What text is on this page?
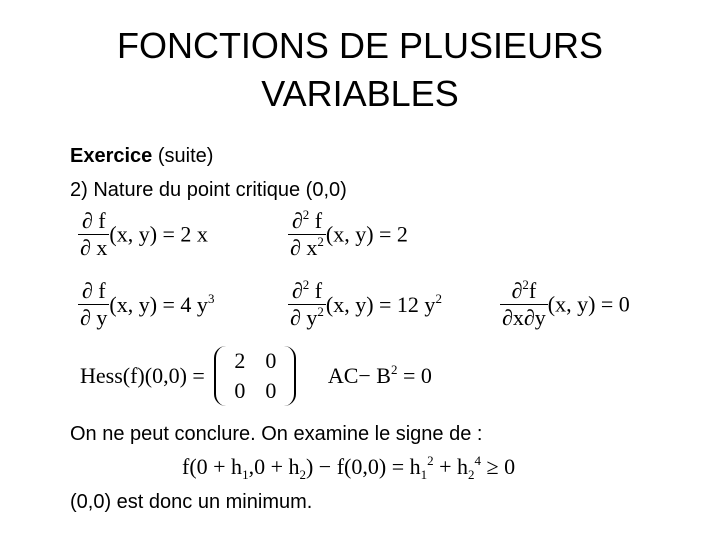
FONCTIONS DE PLUSIEURS
VARIABLES
Exercice (suite)
2) Nature du point critique (0,0)
$\frac{\partial f}{\partial x} (x$, y) = 2 x	$\frac{\partial^2 f}{\partial x^2} (x$, y) = 2
$\frac{\partial f}{\partial y} (x$, y) = 4 $y^3$	$\frac{\partial^2 f}{\partial y^2} (x$, y) = 12 $y^2$	$\frac{\partial^2f}{\partial x\partial y} (x$, y) = 0
Hess(f)(0,0) =
2	0
0	0
$AC- B^2 = 0$
On ne peut conclure. On examine le signe de :
$f(0 + h_1,0 + h_2) - f(0,0) = h_1^2 + h_2^4 \ge 0$
(0,0) est donc un minimum.
